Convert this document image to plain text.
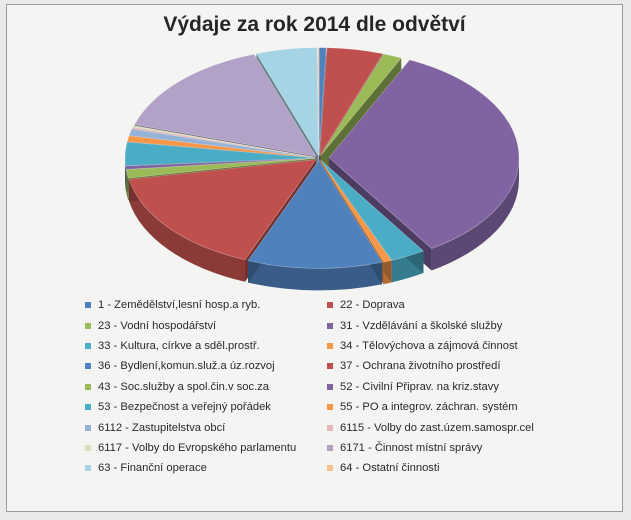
Výdaje za rok 2014 dle odvětví
1 - Zemědělství,lesní hosp.a ryb.	22 - Doprava
23 - Vodní hospodářství	31 - Vzdělávání a školské služby
33 - Kultura, církve a sděl.prostř.	34 - Tělovýchova a zájmová činnost
36 - Bydlení,komun.služ.a úz.rozvoj	37 - Ochrana životního prostředí
43 - Soc.služby a spol.čin.v soc.za	52 - Civilní Připrav. na kriz.stavy
53 - Bezpečnost a veřejný pořádek	55 - PO a integrov. záchran. systém
6112 - Zastupitelstva obcí	6115 - Volby do zast.územ.samospr.cel
6117 - Volby do Evropského parlamentu	6171 - Činnost místní správy
63 - Finanční operace	64 - Ostatní činnosti
